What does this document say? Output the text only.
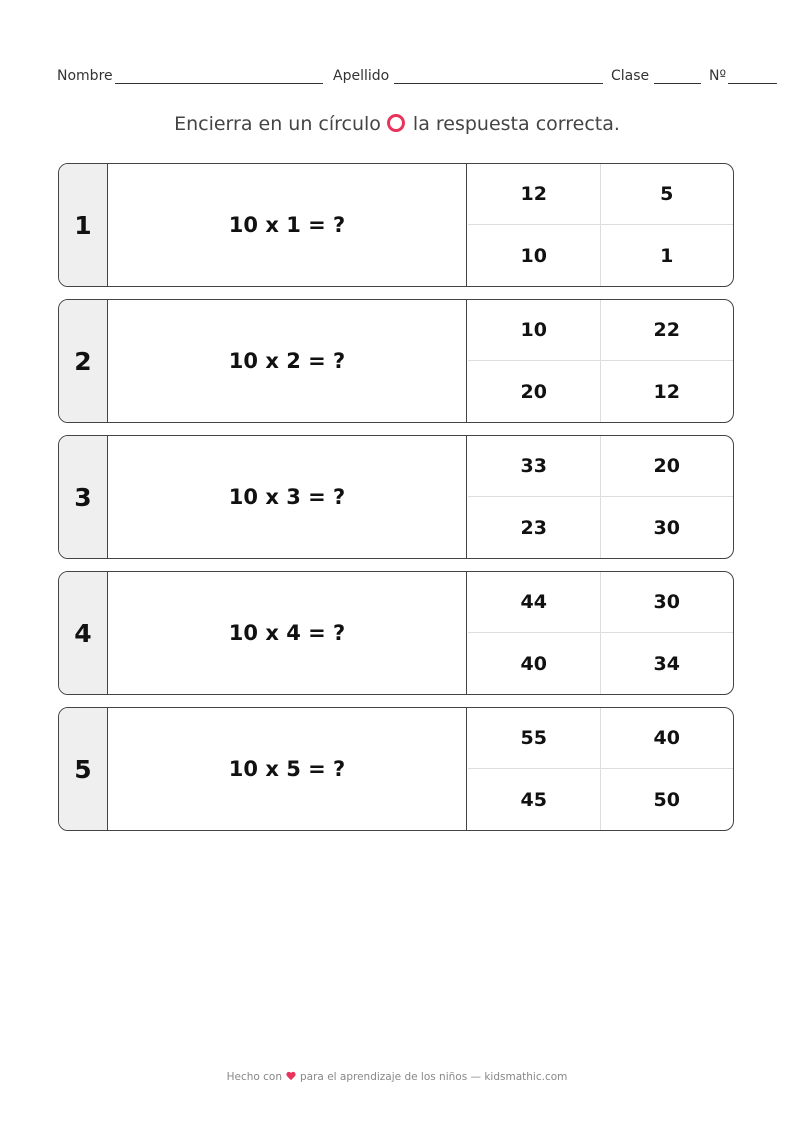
Nombre	Apellido	Clase	Nº
Encierra en un círculo la respuesta correcta.
1	10 x 1 = ?
12	5
10	1
2	10 x 2 = ?
10	22
20	12
3	10 x 3 = ?
33	20
23	30
4	10 x 4 = ?
44	30
40	34
5	10 x 5 = ?
55	40
45	50
Hecho con para el aprendizaje de los niños — kidsmathic.com
